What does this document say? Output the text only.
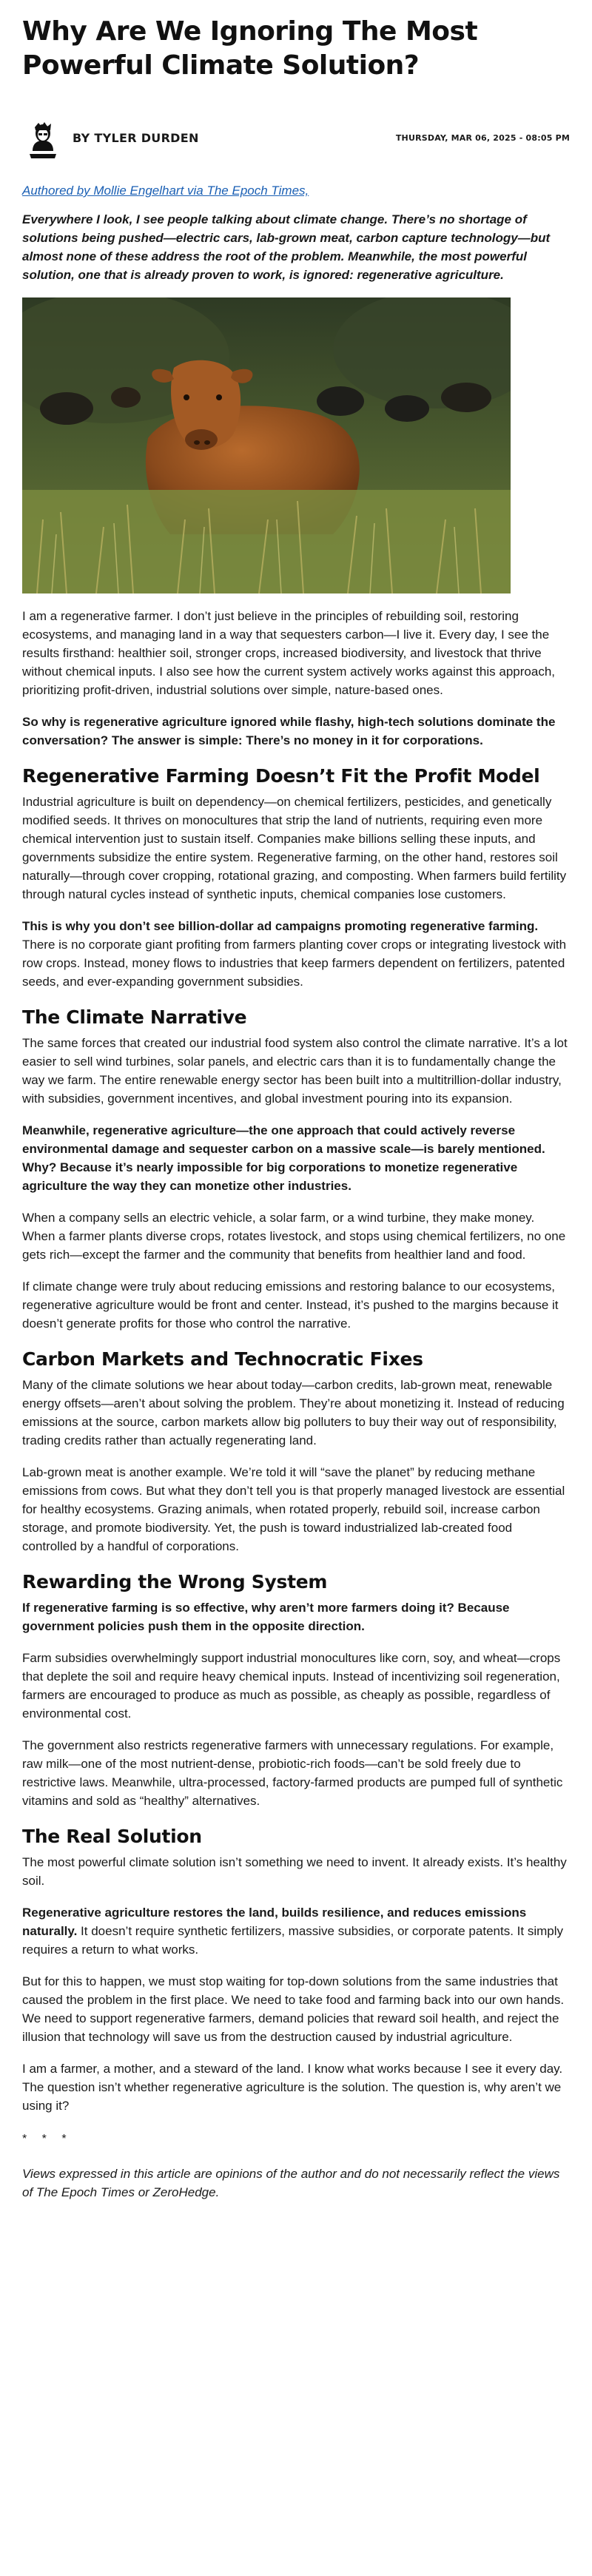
Why Are We Ignoring The Most Powerful Climate Solution?
BY TYLER DURDEN	THURSDAY, MAR 06, 2025 - 08:05 PM
Authored by Mollie Engelhart via The Epoch Times,

Everywhere I look, I see people talking about climate change. There’s no shortage of solutions being pushed—electric cars, lab-grown meat, carbon capture technology—but almost none of these address the root of the problem. Meanwhile, the most powerful solution, one that is already proven to work, is ignored: regenerative agriculture.

I am a regenerative farmer. I don’t just believe in the principles of rebuilding soil, restoring ecosystems, and managing land in a way that sequesters carbon—I live it. Every day, I see the results firsthand: healthier soil, stronger crops, increased biodiversity, and livestock that thrive without chemical inputs. I also see how the current system actively works against this approach, prioritizing profit-driven, industrial solutions over simple, nature-based ones.

So why is regenerative agriculture ignored while flashy, high-tech solutions dominate the conversation? The answer is simple: There’s no money in it for corporations.

Regenerative Farming Doesn’t Fit the Profit Model

Industrial agriculture is built on dependency—on chemical fertilizers, pesticides, and genetically modified seeds. It thrives on monocultures that strip the land of nutrients, requiring even more chemical intervention just to sustain itself. Companies make billions selling these inputs, and governments subsidize the entire system. Regenerative farming, on the other hand, restores soil naturally—through cover cropping, rotational grazing, and composting. When farmers build fertility through natural cycles instead of synthetic inputs, chemical companies lose customers.

This is why you don’t see billion-dollar ad campaigns promoting regenerative farming. There is no corporate giant profiting from farmers planting cover crops or integrating livestock with row crops. Instead, money flows to industries that keep farmers dependent on fertilizers, patented seeds, and ever-expanding government subsidies.

The Climate Narrative

The same forces that created our industrial food system also control the climate narrative. It’s a lot easier to sell wind turbines, solar panels, and electric cars than it is to fundamentally change the way we farm. The entire renewable energy sector has been built into a multitrillion-dollar industry, with subsidies, government incentives, and global investment pouring into its expansion.

Meanwhile, regenerative agriculture—the one approach that could actively reverse environmental damage and sequester carbon on a massive scale—is barely mentioned. Why? Because it’s nearly impossible for big corporations to monetize regenerative agriculture the way they can monetize other industries.

When a company sells an electric vehicle, a solar farm, or a wind turbine, they make money. When a farmer plants diverse crops, rotates livestock, and stops using chemical fertilizers, no one gets rich—except the farmer and the community that benefits from healthier land and food.

If climate change were truly about reducing emissions and restoring balance to our ecosystems, regenerative agriculture would be front and center. Instead, it’s pushed to the margins because it doesn’t generate profits for those who control the narrative.

Carbon Markets and Technocratic Fixes

Many of the climate solutions we hear about today—carbon credits, lab-grown meat, renewable energy offsets—aren’t about solving the problem. They’re about monetizing it. Instead of reducing emissions at the source, carbon markets allow big polluters to buy their way out of responsibility, trading credits rather than actually regenerating land.

Lab-grown meat is another example. We’re told it will “save the planet” by reducing methane emissions from cows. But what they don’t tell you is that properly managed livestock are essential for healthy ecosystems. Grazing animals, when rotated properly, rebuild soil, increase carbon storage, and promote biodiversity. Yet, the push is toward industrialized lab-created food controlled by a handful of corporations.

Rewarding the Wrong System

If regenerative farming is so effective, why aren’t more farmers doing it? Because government policies push them in the opposite direction.

Farm subsidies overwhelmingly support industrial monocultures like corn, soy, and wheat—crops that deplete the soil and require heavy chemical inputs. Instead of incentivizing soil regeneration, farmers are encouraged to produce as much as possible, as cheaply as possible, regardless of environmental cost.

The government also restricts regenerative farmers with unnecessary regulations. For example, raw milk—one of the most nutrient-dense, probiotic-rich foods—can’t be sold freely due to restrictive laws. Meanwhile, ultra-processed, factory-farmed products are pumped full of synthetic vitamins and sold as “healthy” alternatives.

The Real Solution

The most powerful climate solution isn’t something we need to invent. It already exists. It’s healthy soil.

Regenerative agriculture restores the land, builds resilience, and reduces emissions naturally. It doesn’t require synthetic fertilizers, massive subsidies, or corporate patents. It simply requires a return to what works.

But for this to happen, we must stop waiting for top-down solutions from the same industries that caused the problem in the first place. We need to take food and farming back into our own hands. We need to support regenerative farmers, demand policies that reward soil health, and reject the illusion that technology will save us from the destruction caused by industrial agriculture.

I am a farmer, a mother, and a steward of the land. I know what works because I see it every day. The question isn’t whether regenerative agriculture is the solution. The question is, why aren’t we using it?

* * *

Views expressed in this article are opinions of the author and do not necessarily reflect the views of The Epoch Times or ZeroHedge.
